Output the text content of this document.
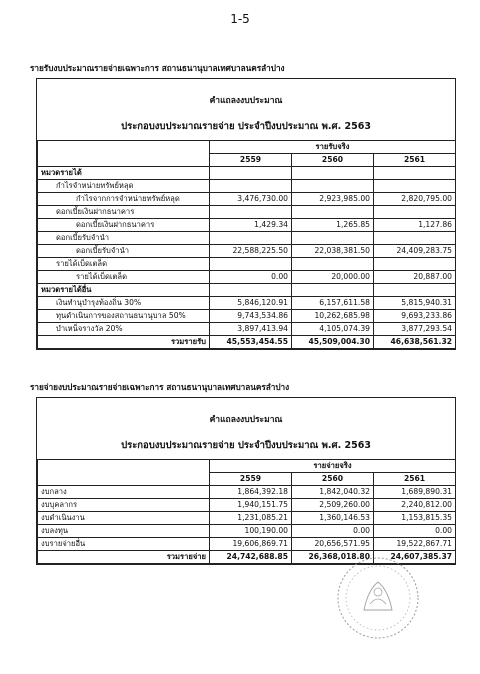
1-5
รายรับงบประมาณรายจ่ายเฉพาะการ สถานธนานุบาลเทศบาลนครลำปาง
คำแถลงงบประมาณ
ประกอบงบประมาณรายจ่าย ประจำปีงบประมาณ พ.ศ. 2563
	รายรับจริง		
	2559	2560	2561
หมวดรายได้			
กำไรจำหน่ายทรัพย์หลุด			
กำไรจากการจำหน่ายทรัพย์หลุด	3,476,730.00	2,923,985.00	2,820,795.00
ดอกเบี้ยเงินฝากธนาคาร			
ดอกเบี้ยเงินฝากธนาคาร	1,429.34	1,265.85	1,127.86
ดอกเบี้ยรับจำนำ			
ดอกเบี้ยรับจำนำ	22,588,225.50	22,038,381.50	24,409,283.75
รายได้เบ็ดเตล็ด			
รายได้เบ็ดเตล็ด	0.00	20,000.00	20,887.00
หมวดรายได้อื่น			
เงินทำนุบำรุงท้องถิ่น 30%	5,846,120.91	6,157,611.58	5,815,940.31
ทุนดำเนินการของสถานธนานุบาล 50%	9,743,534.86	10,262,685.98	9,693,233.86
บำเหน็จรางวัล 20%	3,897,413.94	4,105,074.39	3,877,293.54
รวมรายรับ	45,553,454.55	45,509,004.30	46,638,561.32
รายจ่ายงบประมาณรายจ่ายเฉพาะการ สถานธนานุบาลเทศบาลนครลำปาง
คำแถลงงบประมาณ
ประกอบงบประมาณรายจ่าย ประจำปีงบประมาณ พ.ศ. 2563
	รายจ่ายจริง		
	2559	2560	2561
งบกลาง	1,864,392.18	1,842,040.32	1,689,890.31
งบบุคลากร	1,940,151.75	2,509,260.00	2,240,812.00
งบดำเนินงาน	1,231,085.21	1,360,146.53	1,153,815.35
งบลงทุน	100,190.00	0.00	0.00
งบรายจ่ายอื่น	19,606,869.71	20,656,571.95	19,522,867.71
รวมรายจ่าย	24,742,688.85	26,368,018.80	24,607,385.37
